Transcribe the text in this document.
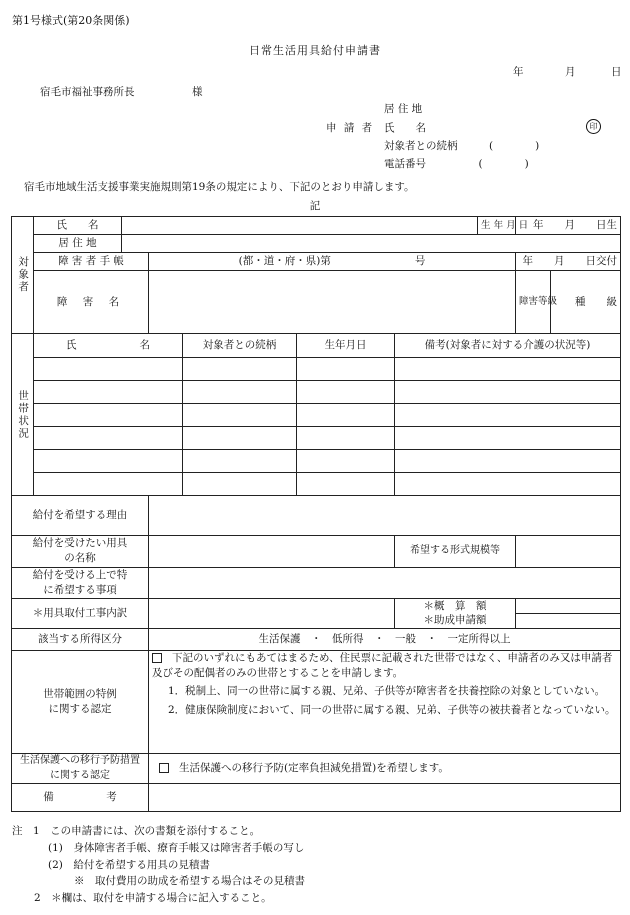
第1号様式(第20条関係)
日常生活用具給付申請書
年	月	日
宿毛市福祉事務所長	様
申 請 者
居 住 地
氏　　名	印
対象者との続柄　　　(　　　　)
電話番号　　　　　(　　　　)
宿毛市地域生活支援事業実施規則第19条の規定により、下記のとおり申請します。
記
対象者	氏　　名						生 年 月 日	年　　月　　日生	
	居 住 地								
	障 害 者 手 帳		(都・道・府・県)第　　　　　　　　号					年　　月　　日交付	
	障 害 名							障害等級	種　　級

世帯状況	氏　　　　　　名			対象者との続柄	生年月日	備考(対象者に対する介護の状況等)			

給付を希望する理由									
給付を受けたい用具の名称						希望する形式規模等			
給付を受ける上で特に希望する事項									
＊用具取付工事内訳						＊概　算　額			
						＊助成申請額			
該当する所得区分			生活保護　・　低所得　・　一般　・　一定所得以上						
世帯範囲の特例に関する認定			下記のいずれにもあてはまるため、住民票に記載された世帯ではなく、申請者のみ又は申請者及びその配偶者のみの世帯とすることを申請します。
1．税制上、同一の世帯に属する親、兄弟、子供等が障害者を扶養控除の対象としていない。
2．健康保険制度において、同一の世帯に属する親、兄弟、子供等の被扶養者となっていない。						

生活保護への移行予防措置に関する認定			生活保護への移行予防(定率負担減免措置)を希望します。						
備　　　　　考									
注　1　この申請書には、次の書類を添付すること。
(1)　身体障害者手帳、療育手帳又は障害者手帳の写し
(2)　給付を希望する用具の見積書
※　取付費用の助成を希望する場合はその見積書
2　＊欄は、取付を申請する場合に記入すること。
